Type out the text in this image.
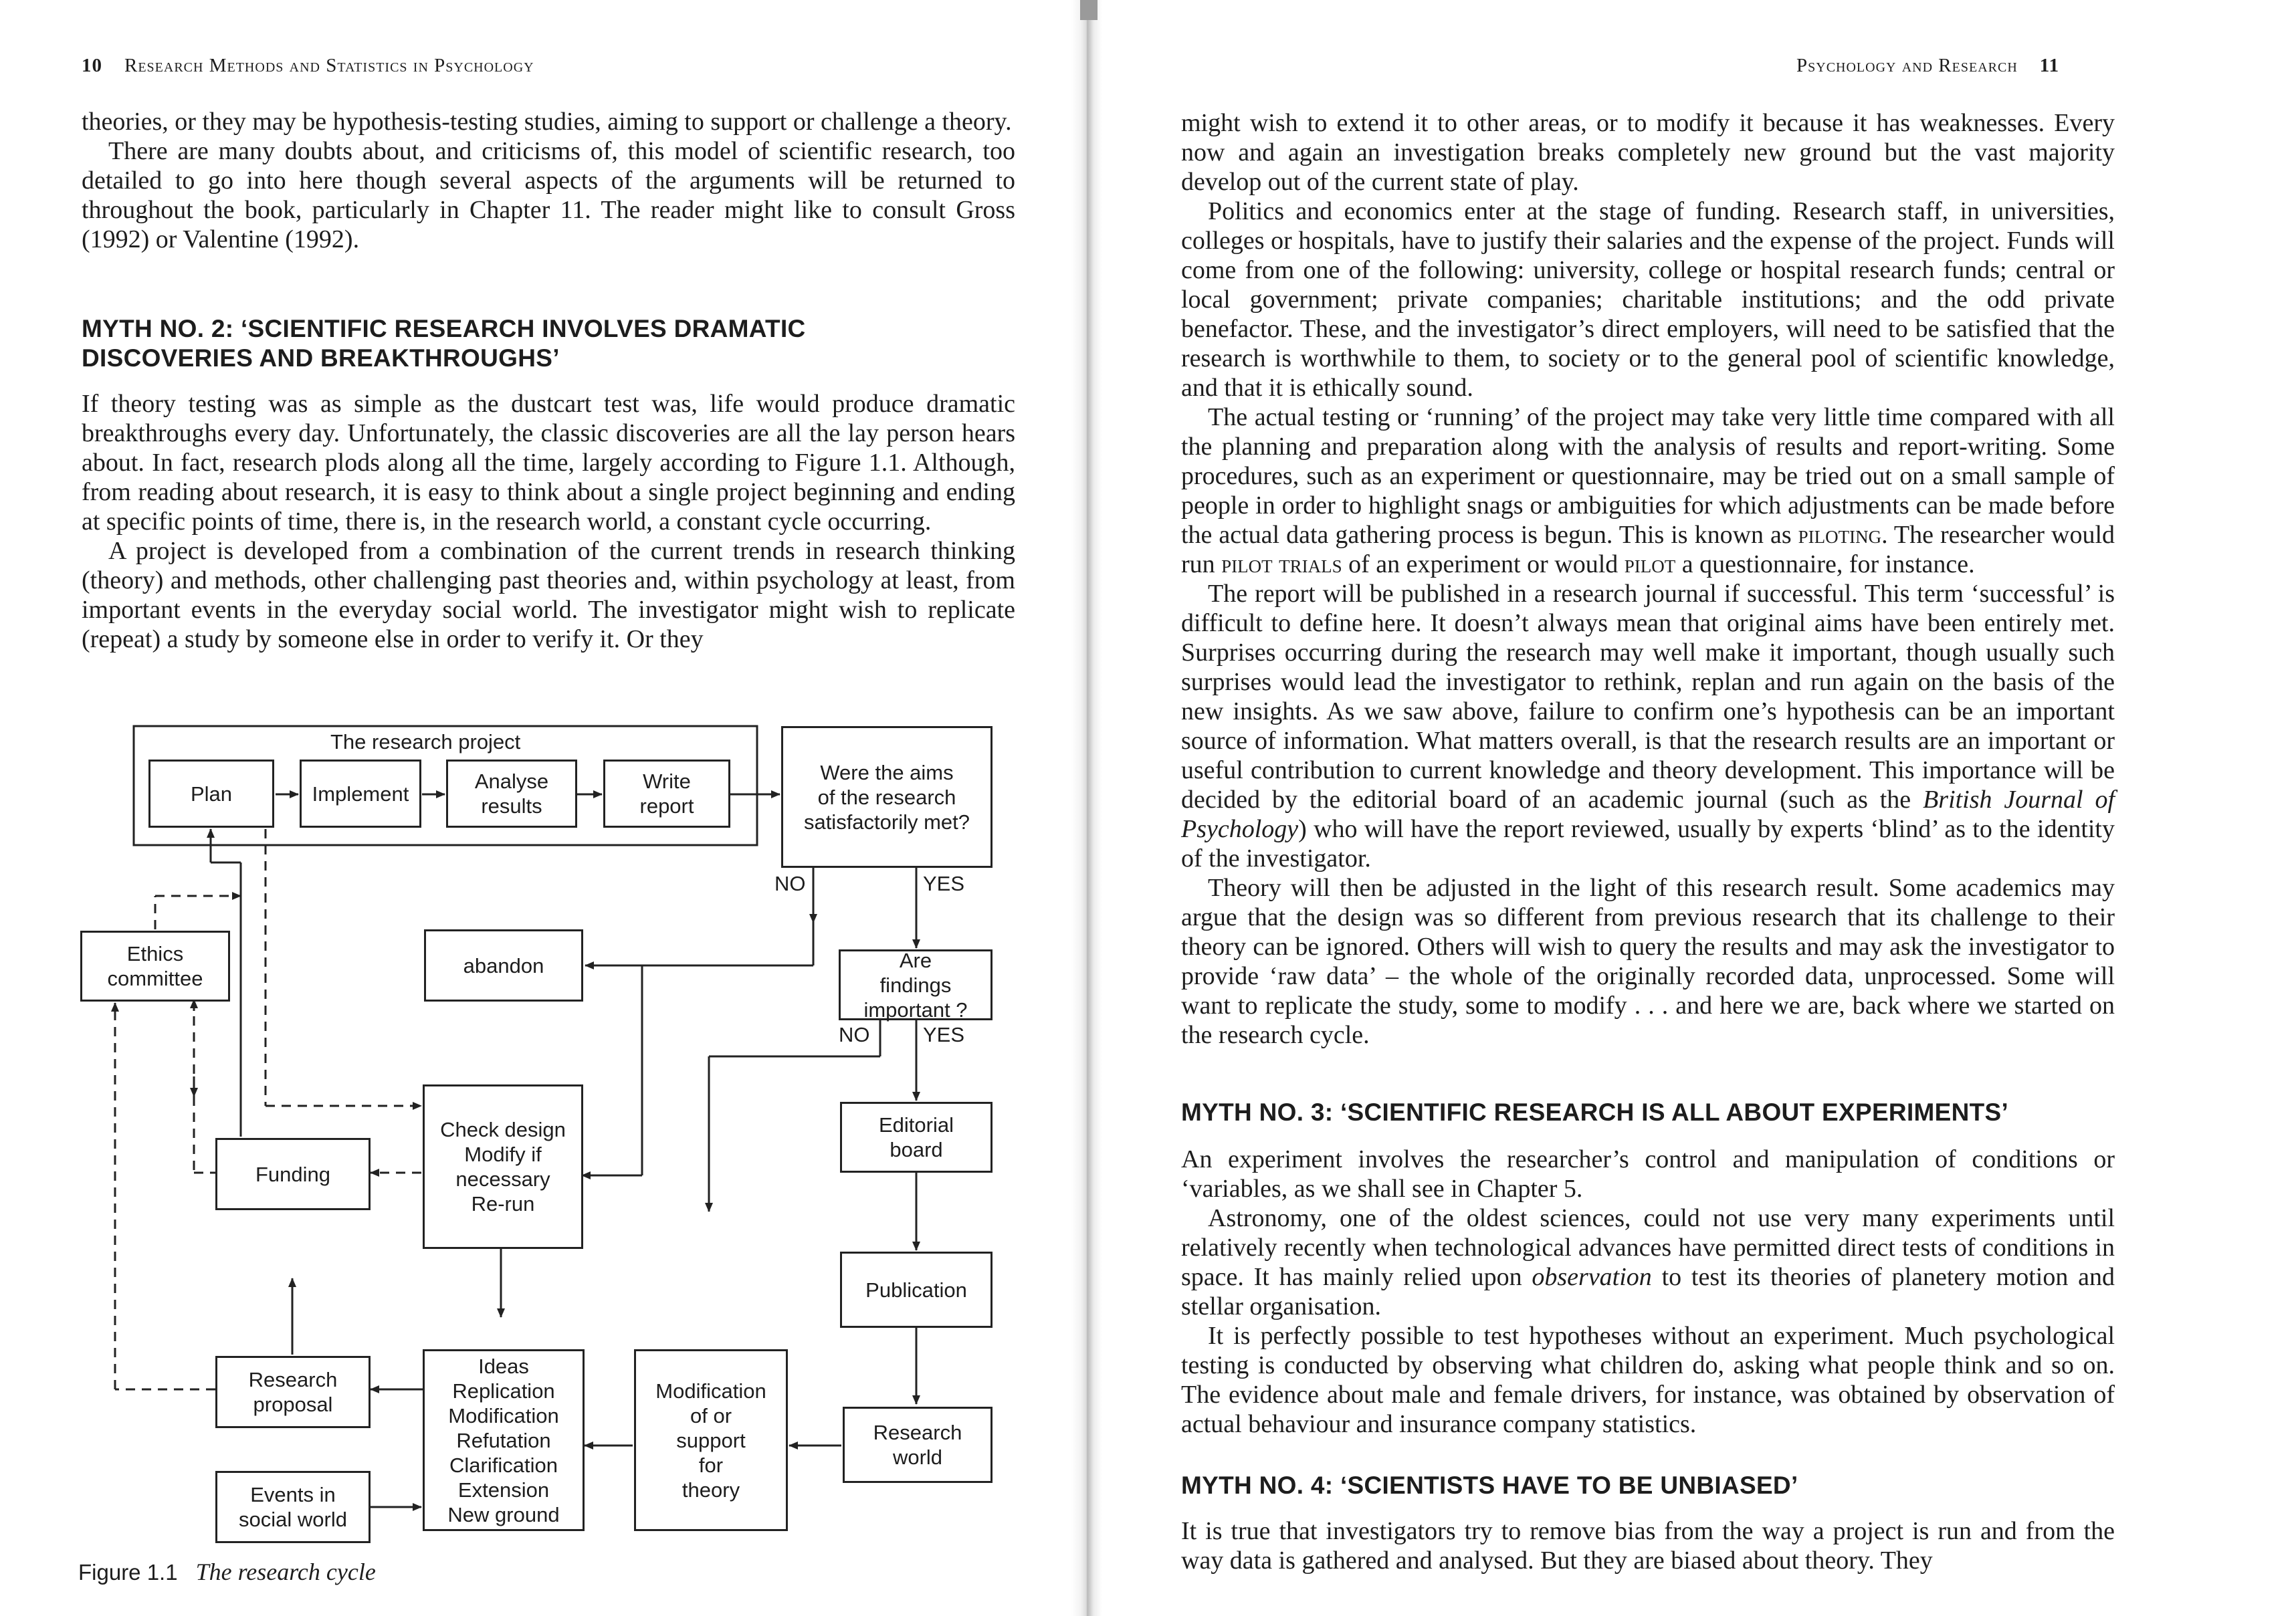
10 Research Methods and Statistics in Psychology

theories, or they may be hypothesis-testing studies, aiming to support or challenge a theory.

There are many doubts about, and criticisms of, this model of scientific research, too detailed to go into here though several aspects of the arguments will be returned to throughout the book, particularly in Chapter 11. The reader might like to consult Gross (1992) or Valentine (1992).

MYTH NO. 2: ‘SCIENTIFIC RESEARCH INVOLVES DRAMATIC DISCOVERIES AND BREAKTHROUGHS’

If theory testing was as simple as the dustcart test was, life would produce dramatic breakthroughs every day. Unfortunately, the classic discoveries are all the lay person hears about. In fact, research plods along all the time, largely according to Figure 1.1. Although, from reading about research, it is easy to think about a single project beginning and ending at specific points of time, there is, in the research world, a constant cycle occurring.

A project is developed from a combination of the current trends in research thinking (theory) and methods, other challenging past theories and, within psychology at least, from important events in the everyday social world. The investigator might wish to replicate (repeat) a study by someone else in order to verify it. Or they

The research project
Plan	Implement
Analyse
results
Write
report
Were the aims
of the research
satisfactorily met?
NO	YES
Ethics
committee
abandon	Are
findings
important ?
NO	YES
Editorial
board
Check design
Modify if
necessary
Re-run
Funding
Publication
Research
proposal
Ideas
Replication
Modification
Refutation
Clarification
Extension
New ground
Modification
of or
support
for
theory
Research
world
Events in
social world
Figure 1.1 The research cycle
Psychology and Research 11

might wish to extend it to other areas, or to modify it because it has weaknesses. Every now and again an investigation breaks completely new ground but the vast majority develop out of the current state of play.

Politics and economics enter at the stage of funding. Research staff, in universities, colleges or hospitals, have to justify their salaries and the expense of the project. Funds will come from one of the following: university, college or hospital research funds; central or local government; private companies; charitable institutions; and the odd private benefactor. These, and the investigator’s direct employers, will need to be satisfied that the research is worthwhile to them, to society or to the general pool of scientific knowledge, and that it is ethically sound.

The actual testing or ‘running’ of the project may take very little time compared with all the planning and preparation along with the analysis of results and report-writing. Some procedures, such as an experiment or questionnaire, may be tried out on a small sample of people in order to highlight snags or ambiguities for which adjustments can be made before the actual data gathering process is begun. This is known as piloting. The researcher would run pilot trials of an experiment or would pilot a questionnaire, for instance.

The report will be published in a research journal if successful. This term ‘successful’ is difficult to define here. It doesn’t always mean that original aims have been entirely met. Surprises occurring during the research may well make it important, though usually such surprises would lead the investigator to rethink, replan and run again on the basis of the new insights. As we saw above, failure to confirm one’s hypothesis can be an important source of information. What matters overall, is that the research results are an important or useful contribution to current knowledge and theory development. This importance will be decided by the editorial board of an academic journal (such as the British Journal of Psychology) who will have the report reviewed, usually by experts ‘blind’ as to the identity of the investigator.

Theory will then be adjusted in the light of this research result. Some academics may argue that the design was so different from previous research that its challenge to their theory can be ignored. Others will wish to query the results and may ask the investigator to provide ‘raw data’ – the whole of the originally recorded data, unprocessed. Some will want to replicate the study, some to modify . . . and here we are, back where we started on the research cycle.

MYTH NO. 3: ‘SCIENTIFIC RESEARCH IS ALL ABOUT EXPERIMENTS’

An experiment involves the researcher’s control and manipulation of conditions or ‘variables, as we shall see in Chapter 5.

Astronomy, one of the oldest sciences, could not use very many experiments until relatively recently when technological advances have permitted direct tests of conditions in space. It has mainly relied upon observation to test its theories of planetery motion and stellar organisation.

It is perfectly possible to test hypotheses without an experiment. Much psychological testing is conducted by observing what children do, asking what people think and so on. The evidence about male and female drivers, for instance, was obtained by observation of actual behaviour and insurance company statistics.

MYTH NO. 4: ‘SCIENTISTS HAVE TO BE UNBIASED’

It is true that investigators try to remove bias from the way a project is run and from the way data is gathered and analysed. But they are biased about theory. They
